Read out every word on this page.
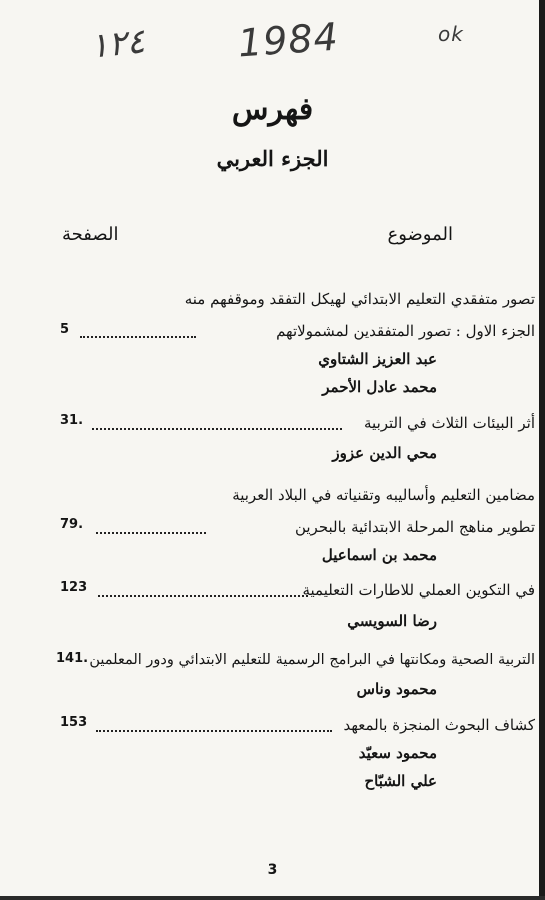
١٢٤ 1984	ok
فهرس
الجزء العربي
الموضوع
الصفحة
تصور متفقدي التعليم الابتدائي لهيكل التفقد وموقفهم منه
الجزء الاول : تصور المتفقدين لمشمولاتهم
5
عبد العزيز الشتاوي
محمد عادل الأحمر
أثر البيئات الثلاث في التربية
31.
محي الدين عزوز
مضامين التعليم وأساليبه وتقنياته في البلاد العربية
تطوير مناهج المرحلة الابتدائية بالبحرين
79.
محمد بن اسماعيل
في التكوين العملي للاطارات التعليمية
123
رضا السويسي
التربية الصحية ومكانتها في البرامج الرسمية للتعليم الابتدائي ودور المعلمين
141.
محمود وناس
كشاف البحوث المنجزة بالمعهد
153
محمود سعيّد
علي الشبّاح
3
